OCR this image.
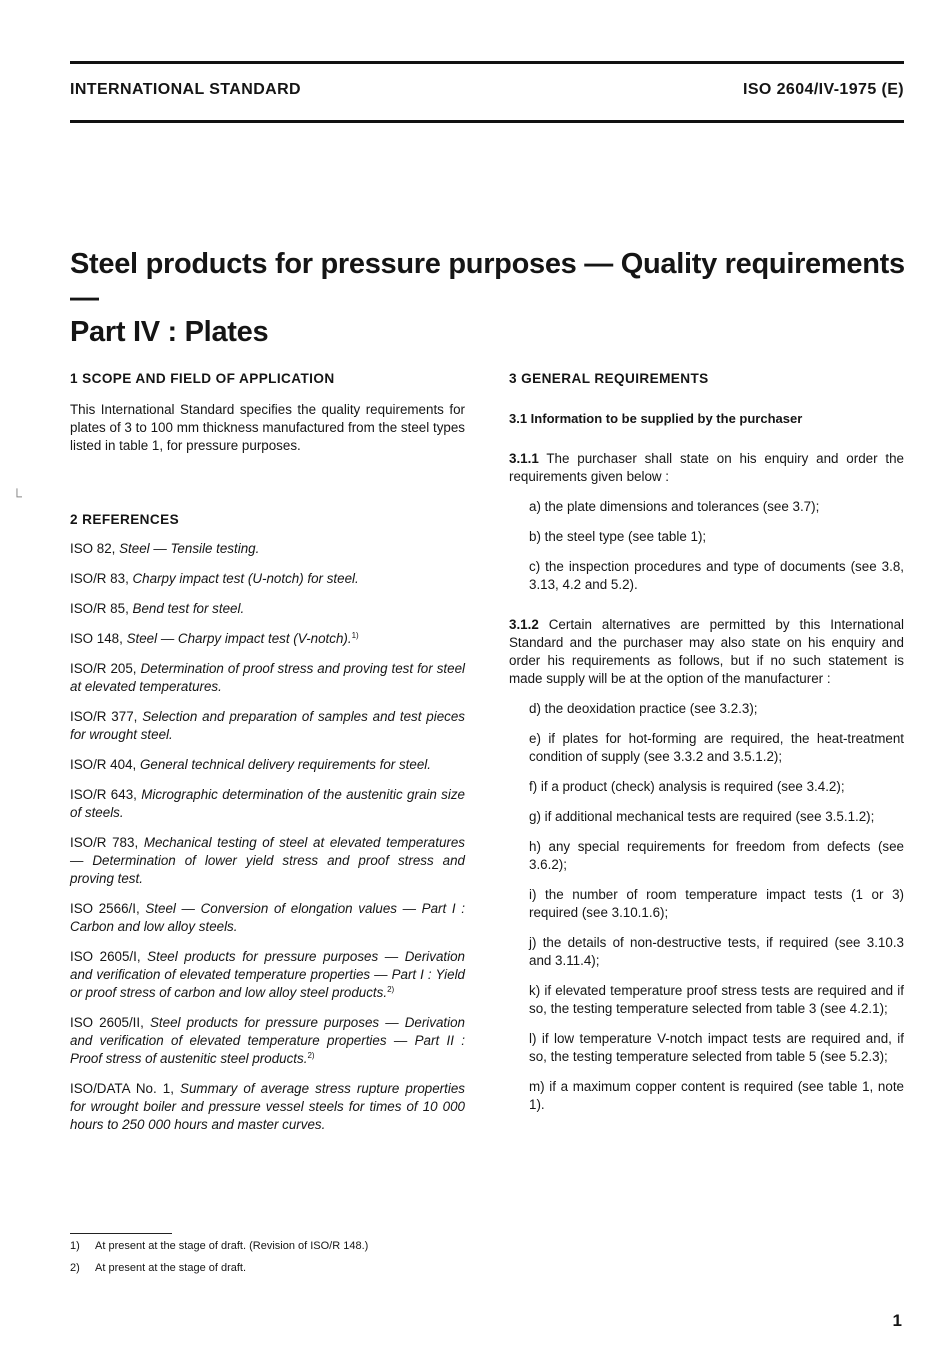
INTERNATIONAL STANDARD	ISO 2604/IV-1975 (E)
Steel products for pressure purposes — Quality requirements —
Part IV : Plates

1 SCOPE AND FIELD OF APPLICATION

This International Standard specifies the quality requirements for plates of 3 to 100 mm thickness manufactured from the steel types listed in table 1, for pressure purposes.

2 REFERENCES

ISO 82, Steel — Tensile testing.

ISO/R 83, Charpy impact test (U-notch) for steel.

ISO/R 85, Bend test for steel.

ISO 148, Steel — Charpy impact test (V-notch).$^{1)}$

ISO/R 205, Determination of proof stress and proving test for steel at elevated temperatures.

ISO/R 377, Selection and preparation of samples and test pieces for wrought steel.

ISO/R 404, General technical delivery requirements for steel.

ISO/R 643, Micrographic determination of the austenitic grain size of steels.

ISO/R 783, Mechanical testing of steel at elevated temperatures — Determination of lower yield stress and proof stress and proving test.

ISO 2566/I, Steel — Conversion of elongation values — Part I : Carbon and low alloy steels.

ISO 2605/I, Steel products for pressure purposes — Derivation and verification of elevated temperature properties — Part I : Yield or proof stress of carbon and low alloy steel products.$^{2)}$

ISO 2605/II, Steel products for pressure purposes — Derivation and verification of elevated temperature properties — Part II : Proof stress of austenitic steel products.$^{2)}$

ISO/DATA No. 1, Summary of average stress rupture properties for wrought boiler and pressure vessel steels for times of 10 000 hours to 250 000 hours and master curves.

3 GENERAL REQUIREMENTS

3.1 Information to be supplied by the purchaser

3.1.1 The purchaser shall state on his enquiry and order the requirements given below :

a) the plate dimensions and tolerances (see 3.7);

b) the steel type (see table 1);

c) the inspection procedures and type of documents (see 3.8, 3.13, 4.2 and 5.2).

3.1.2 Certain alternatives are permitted by this International Standard and the purchaser may also state on his enquiry and order his requirements as follows, but if no such statement is made supply will be at the option of the manufacturer :

d) the deoxidation practice (see 3.2.3);

e) if plates for hot-forming are required, the heat-treatment condition of supply (see 3.3.2 and 3.5.1.2);

f) if a product (check) analysis is required (see 3.4.2);

g) if additional mechanical tests are required (see 3.5.1.2);

h) any special requirements for freedom from defects (see 3.6.2);

i) the number of room temperature impact tests (1 or 3) required (see 3.10.1.6);

j) the details of non-destructive tests, if required (see 3.10.3 and 3.11.4);

k) if elevated temperature proof stress tests are required and if so, the testing temperature selected from table 3 (see 4.2.1);

l) if low temperature V-notch impact tests are required and, if so, the testing temperature selected from table 5 (see 5.2.3);

m) if a maximum copper content is required (see table 1, note 1).

└
1) At present at the stage of draft. (Revision of ISO/R 148.)
2) At present at the stage of draft.
1
